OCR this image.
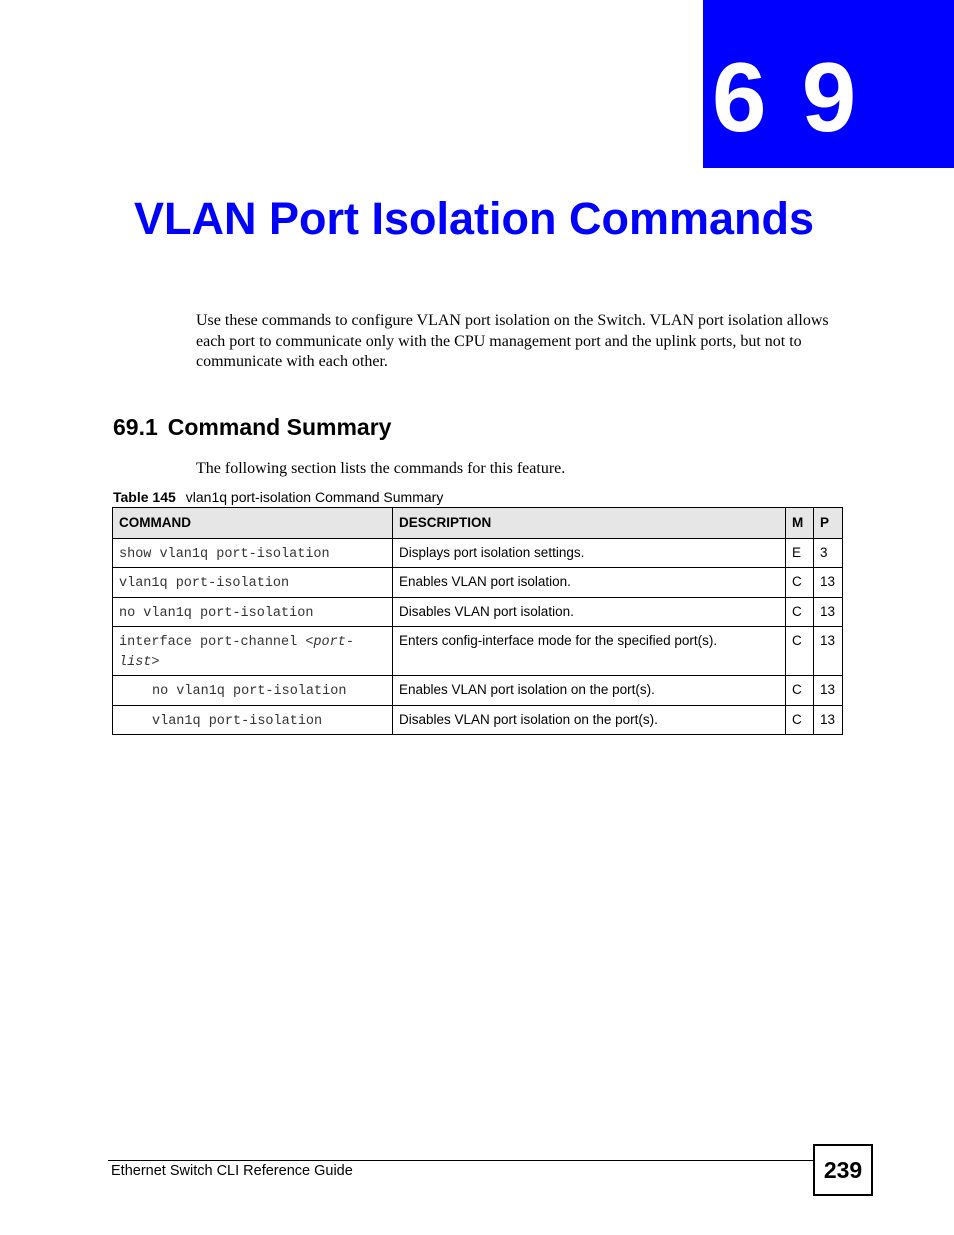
6 9
VLAN Port Isolation Commands

Use these commands to configure VLAN port isolation on the Switch. VLAN port isolation allows each port to communicate only with the CPU management port and the uplink ports, but not to communicate with each other.

69.1 Command Summary

The following section lists the commands for this feature.

Table 145 vlan1q port-isolation Command Summary

COMMAND	DESCRIPTION	M	P
show vlan1q port-isolation	Displays port isolation settings.	E	3
vlan1q port-isolation	Enables VLAN port isolation.	C	13
no vlan1q port-isolation	Disables VLAN port isolation.	C	13
interface port-channel <port-list>	Enters config-interface mode for the specified port(s).	C	13
no vlan1q port-isolation	Enables VLAN port isolation on the port(s).	C	13
vlan1q port-isolation	Disables VLAN port isolation on the port(s).	C	13

Ethernet Switch CLI Reference Guide	239
